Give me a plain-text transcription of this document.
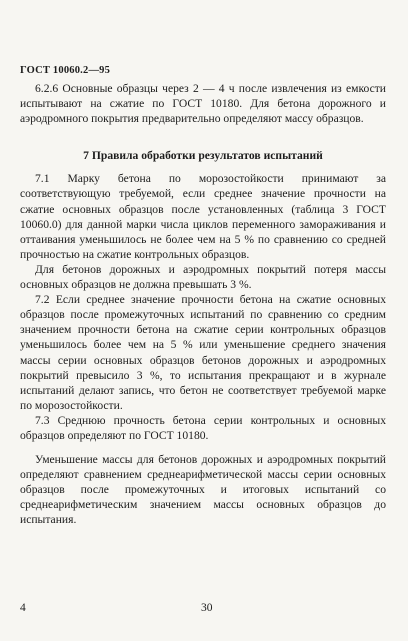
ГОСТ 10060.2—95

6.2.6 Основные образцы через 2 — 4 ч после извлечения из емкости испытывают на сжатие по ГОСТ 10180. Для бетона дорожного и аэродромного покрытия предварительно определяют массу образцов.

7 Правила обработки результатов испытаний

7.1 Марку бетона по морозостойкости принимают за соответствующую требуемой, если среднее значение прочности на сжатие основных образцов после установленных (таблица 3 ГОСТ 10060.0) для данной марки числа циклов переменного замораживания и оттаивания уменьшилось не более чем на 5 % по сравнению со средней прочностью на сжатие контрольных образцов.

Для бетонов дорожных и аэродромных покрытий потеря массы основных образцов не должна превышать 3 %.

7.2 Если среднее значение прочности бетона на сжатие основных образцов после промежуточных испытаний по сравнению со средним значением прочности бетона на сжатие серии контрольных образцов уменьшилось более чем на 5 % или уменьшение среднего значения массы серии основных образцов бетонов дорожных и аэродромных покрытий превысило 3 %, то испытания прекращают и в журнале испытаний делают запись, что бетон не соответствует требуемой марке по морозостойкости.

7.3 Среднюю прочность бетона серии контрольных и основных образцов определяют по ГОСТ 10180.

Уменьшение массы для бетонов дорожных и аэродромных покрытий определяют сравнением среднеарифметической массы серии основных образцов после промежуточных и итоговых испытаний со среднеарифметическим значением массы основных образцов до испытания.

4	30
